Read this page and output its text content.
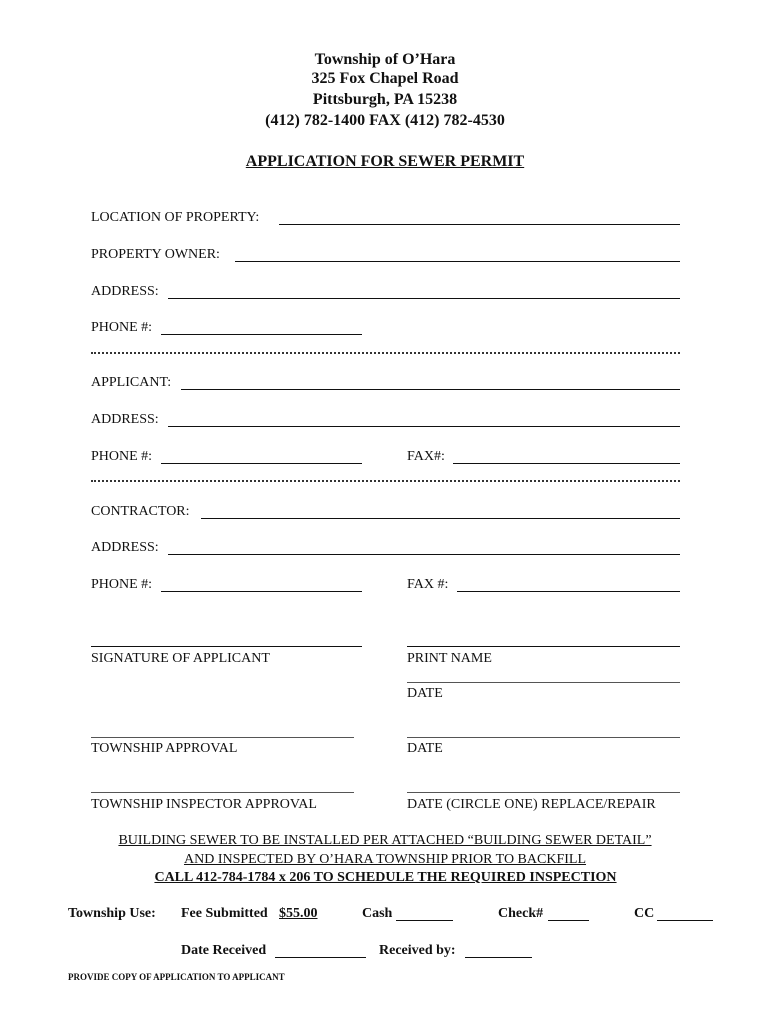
Township of O’Hara
325 Fox Chapel Road
Pittsburgh, PA 15238
(412) 782-1400 FAX (412) 782-4530
APPLICATION FOR SEWER PERMIT
LOCATION OF PROPERTY:
PROPERTY OWNER:
ADDRESS:
PHONE #:
APPLICANT:
ADDRESS:
PHONE #:	FAX#:
CONTRACTOR:
ADDRESS:
PHONE #:	FAX #:
SIGNATURE OF APPLICANT	PRINT NAME
DATE
TOWNSHIP APPROVAL	DATE
TOWNSHIP INSPECTOR APPROVAL	DATE (CIRCLE ONE) REPLACE/REPAIR
BUILDING SEWER TO BE INSTALLED PER ATTACHED “BUILDING SEWER DETAIL”
AND INSPECTED BY O’HARA TOWNSHIP PRIOR TO BACKFILL
CALL 412-784-1784 x 206 TO SCHEDULE THE REQUIRED INSPECTION
Township Use: Fee Submitted $55.00	Cash	Check#	CC
Date Received	Received by:
PROVIDE COPY OF APPLICATION TO APPLICANT
